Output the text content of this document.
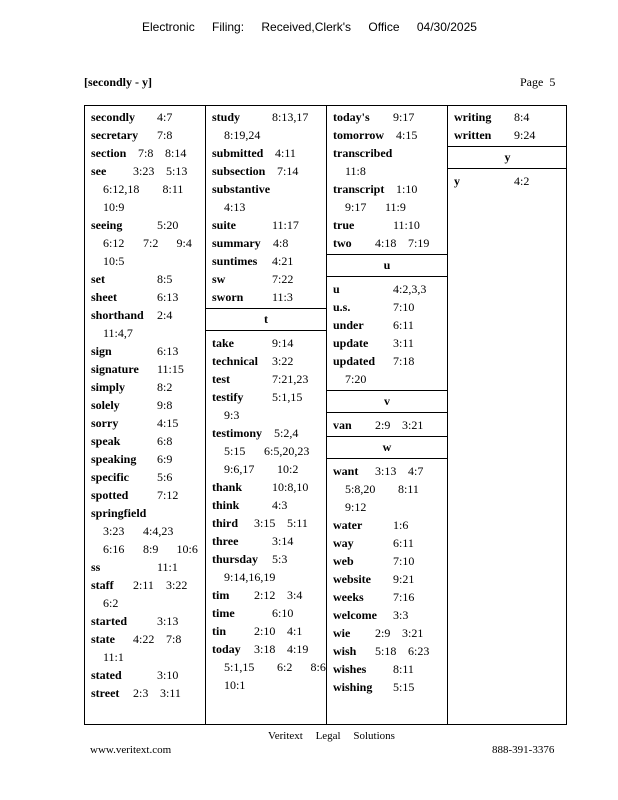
Electronic Filing: Received,Clerk's Office 04/30/2025
[secondly - y]	Page 5
secondly 4:7
secretary 7:8
section 7:8 8:14
see 3:23 5:13
6:12,18 8:11
10:9
seeing	5:20
6:12 7:2 9:4
10:5
set	8:5
sheet	6:13
shorthand 2:4
11:4,7
sign	6:13
signature 11:15
simply	8:2
solely	9:8
sorry	4:15
speak	6:8
speaking 6:9
specific 5:6
spotted 7:12
springfield
3:23 4:4,23
6:16 8:9 10:6
ss	11:1
staff 2:11 3:22
6:2
started	3:13
state 4:22 7:8
11:1
stated	3:10
street 2:3 3:11
study	8:13,17
8:19,24
submitted 4:11
subsection 7:14
substantive
4:13
suite	11:17
summary 4:8
suntimes 4:21
sw	7:22
sworn 11:3
t
take	9:14
technical 3:22
test	7:21,23
testify 5:1,15
9:3
testimony 5:2,4
5:15 6:5,20,23
9:6,17 10:2
thank 10:8,10
think	4:3
third 3:15 5:11
three	3:14
thursday 5:3
9:14,16,19
tim 2:12 3:4
time	6:10
tin 2:10 4:1
today 3:18 4:19
5:1,15 6:2 8:6
10:1
today's 9:17
tomorrow 4:15
transcribed
11:8
transcript 1:10
9:17 11:9
true	11:10
two 4:18 7:19
u
u	4:2,3,3
u.s.	7:10
under 6:11
update 3:11
updated 7:18
7:20
v
van 2:9 3:21
w
want 3:13 4:7
5:8,20 8:11
9:12
water	1:6
way	6:11
web	7:10
website 9:21
weeks 7:16
welcome 3:3
wie 2:9 3:21
wish 5:18 6:23
wishes 8:11
wishing 5:15
writing 8:4
written 9:24
y
y	4:2
Veritext Legal Solutions
www.veritext.com	888-391-3376
